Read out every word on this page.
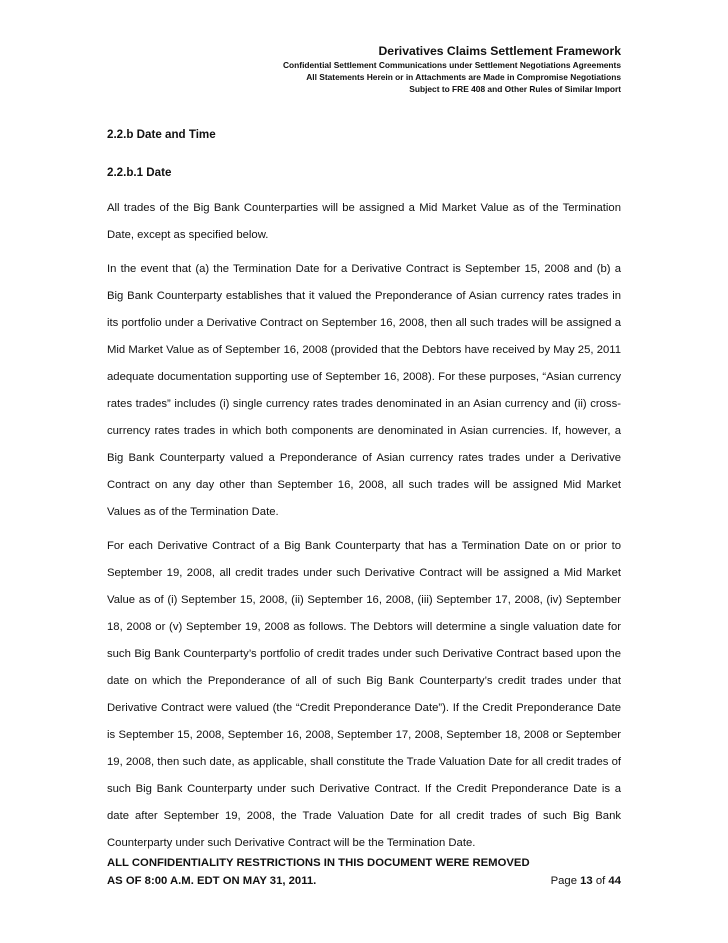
Derivatives Claims Settlement Framework
Confidential Settlement Communications under Settlement Negotiations Agreements
All Statements Herein or in Attachments are Made in Compromise Negotiations
Subject to FRE 408 and Other Rules of Similar Import
2.2.b Date and Time
2.2.b.1 Date

All trades of the Big Bank Counterparties will be assigned a Mid Market Value as of the Termination Date, except as specified below.

In the event that (a) the Termination Date for a Derivative Contract is September 15, 2008 and (b) a Big Bank Counterparty establishes that it valued the Preponderance of Asian currency rates trades in its portfolio under a Derivative Contract on September 16, 2008, then all such trades will be assigned a Mid Market Value as of September 16, 2008 (provided that the Debtors have received by May 25, 2011 adequate documentation supporting use of September 16, 2008). For these purposes, “Asian currency rates trades” includes (i) single currency rates trades denominated in an Asian currency and (ii) cross-currency rates trades in which both components are denominated in Asian currencies. If, however, a Big Bank Counterparty valued a Preponderance of Asian currency rates trades under a Derivative Contract on any day other than September 16, 2008, all such trades will be assigned Mid Market Values as of the Termination Date.

For each Derivative Contract of a Big Bank Counterparty that has a Termination Date on or prior to September 19, 2008, all credit trades under such Derivative Contract will be assigned a Mid Market Value as of (i) September 15, 2008, (ii) September 16, 2008, (iii) September 17, 2008, (iv) September 18, 2008 or (v) September 19, 2008 as follows. The Debtors will determine a single valuation date for such Big Bank Counterparty’s portfolio of credit trades under such Derivative Contract based upon the date on which the Preponderance of all of such Big Bank Counterparty’s credit trades under that Derivative Contract were valued (the “Credit Preponderance Date”). If the Credit Preponderance Date is September 15, 2008, September 16, 2008, September 17, 2008, September 18, 2008 or September 19, 2008, then such date, as applicable, shall constitute the Trade Valuation Date for all credit trades of such Big Bank Counterparty under such Derivative Contract. If the Credit Preponderance Date is a date after September 19, 2008, the Trade Valuation Date for all credit trades of such Big Bank Counterparty under such Derivative Contract will be the Termination Date.

ALL CONFIDENTIALITY RESTRICTIONS IN THIS DOCUMENT WERE REMOVED
AS OF 8:00 A.M. EDT ON MAY 31, 2011.	Page 13 of 44
